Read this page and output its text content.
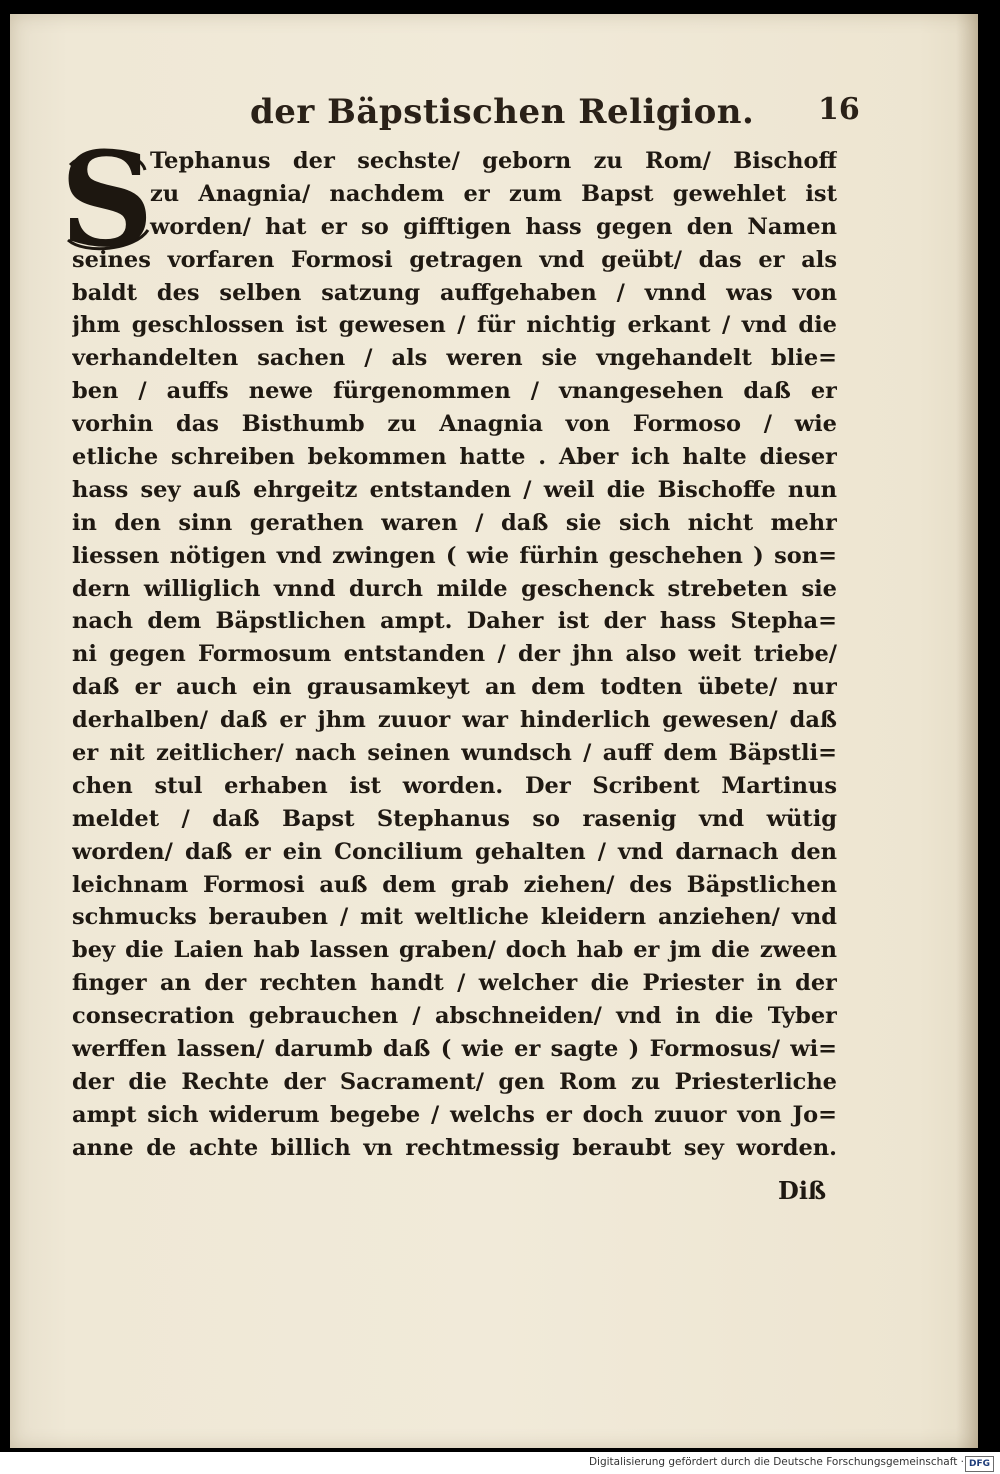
der Bäpstischen Religion. 16
S
Tephanus der sechste/ geborn zu Rom/ Bischoff
zu Anagnia/ nachdem er zum Bapst gewehlet ist
worden/ hat er so gifftigen hass gegen den Namen
seines vorfaren Formosi getragen vnd geübt/ das er als
baldt des selben satzung auffgehaben / vnnd was von
jhm geschlossen ist gewesen / für nichtig erkant / vnd die
verhandelten sachen / als weren sie vngehandelt blie=
ben / auffs newe fürgenommen / vnangesehen daß er
vorhin das Bisthumb zu Anagnia von Formoso / wie
etliche schreiben bekommen hatte . Aber ich halte dieser
hass sey auß ehrgeitz entstanden / weil die Bischoffe nun
in den sinn gerathen waren / daß sie sich nicht mehr
liessen nötigen vnd zwingen ( wie fürhin geschehen ) son=
dern williglich vnnd durch milde geschenck strebeten sie
nach dem Bäpstlichen ampt. Daher ist der hass Stepha=
ni gegen Formosum entstanden / der jhn also weit triebe/
daß er auch ein grausamkeyt an dem todten übete/ nur
derhalben/ daß er jhm zuuor war hinderlich gewesen/ daß
er nit zeitlicher/ nach seinen wundsch / auff dem Bäpstli=
chen stul erhaben ist worden. Der Scribent Martinus
meldet / daß Bapst Stephanus so rasenig vnd wütig
worden/ daß er ein Concilium gehalten / vnd darnach den
leichnam Formosi auß dem grab ziehen/ des Bäpstlichen
schmucks berauben / mit weltliche kleidern anziehen/ vnd
bey die Laien hab lassen graben/ doch hab er jm die zween
finger an der rechten handt / welcher die Priester in der
consecration gebrauchen / abschneiden/ vnd in die Tyber
werffen lassen/ darumb daß ( wie er sagte ) Formosus/ wi=
der die Rechte der Sacrament/ gen Rom zu Priesterliche
ampt sich widerum begebe / welchs er doch zuuor von Jo=
anne de achte billich vn rechtmessig beraubt sey worden.
Diß
Digitalisierung gefördert durch die Deutsche Forschungsgemeinschaft · DFG
